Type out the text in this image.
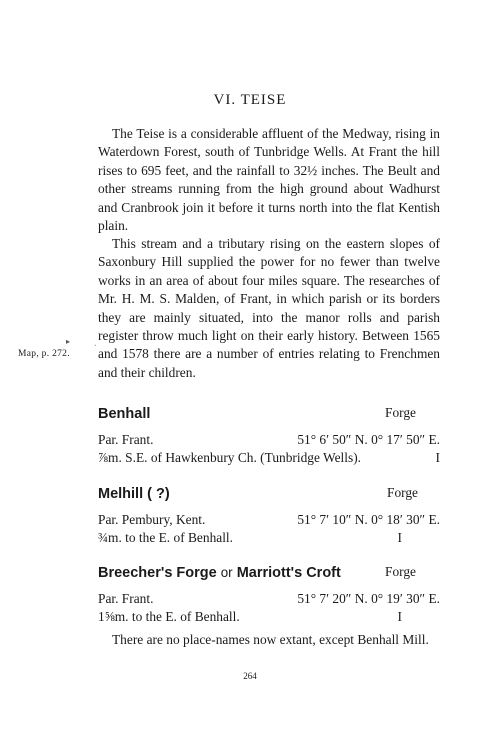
VI. TEISE
The Teise is a considerable affluent of the Medway, rising in Waterdown Forest, south of Tunbridge Wells. At Frant the hill rises to 695 feet, and the rainfall to 32½ inches. The Beult and other streams running from the high ground about Wadhurst and Cranbrook join it before it turns north into the flat Kentish plain.
This stream and a tributary rising on the eastern slopes of Saxonbury Hill supplied the power for no fewer than twelve works in an area of about four miles square. The researches of Mr. H. M. S. Malden, of Frant, in which parish or its borders they are mainly situated, into the manor rolls and parish register throw much light on their early history. Between 1565 and 1578 there are a number of entries relating to Frenchmen and their children.
▸	ˏ
Map, p. 272.
Benhall	Forge
Par. Frant.	51° 6′ 50″ N. 0° 17′ 50″ E.
⅞m. S.E. of Hawkenbury Ch. (Tunbridge Wells).	I
Melhill ( ?)	Forge
Par. Pembury, Kent.	51° 7′ 10″ N. 0° 18′ 30″ E.
¾m. to the E. of Benhall.	I
Breecher's Forge or Marriott's Croft	Forge
Par. Frant.	51° 7′ 20″ N. 0° 19′ 30″ E.
1⅝m. to the E. of Benhall.	I
There are no place-names now extant, except Benhall Mill.
264
